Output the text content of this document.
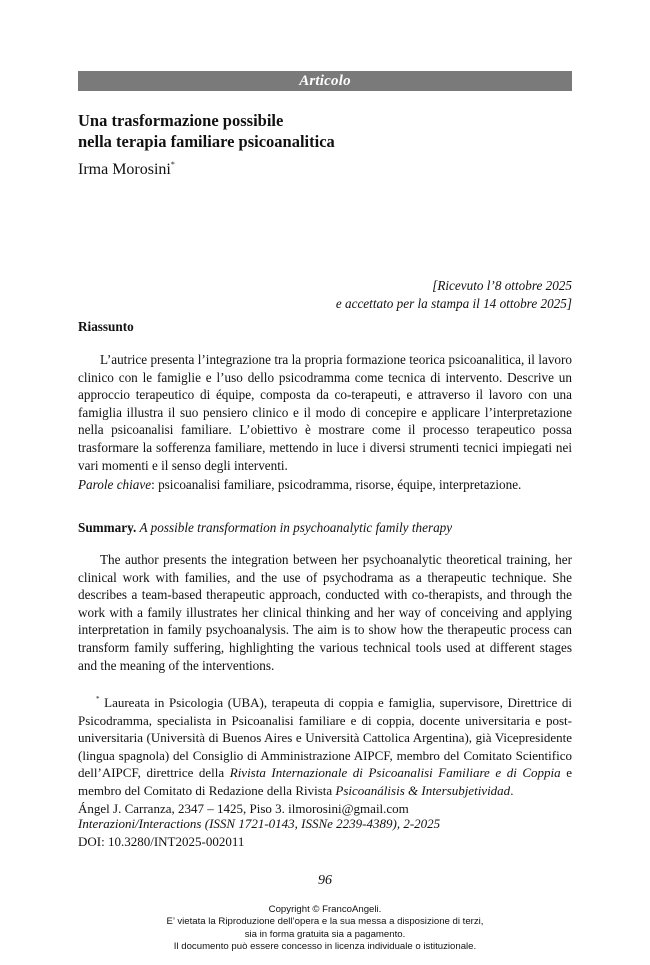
Articolo
Una trasformazione possibile
nella terapia familiare psicoanalitica
Irma Morosini*
[Ricevuto l’8 ottobre 2025
e accettato per la stampa il 14 ottobre 2025]
Riassunto

L’autrice presenta l’integrazione tra la propria formazione teorica psicoanalitica, il lavoro clinico con le famiglie e l’uso dello psicodramma come tecnica di intervento. Descrive un approccio terapeutico di équipe, composta da co-terapeuti, e attraverso il lavoro con una famiglia illustra il suo pensiero clinico e il modo di concepire e applicare l’interpretazione nella psicoanalisi familiare. L’obiettivo è mostrare come il processo terapeutico possa trasformare la sofferenza familiare, mettendo in luce i diversi strumenti tecnici impiegati nei vari momenti e il senso degli interventi.

Parole chiave: psicoanalisi familiare, psicodramma, risorse, équipe, interpretazione.

Summary. A possible transformation in psychoanalytic family therapy

The author presents the integration between her psychoanalytic theoretical training, her clinical work with families, and the use of psychodrama as a therapeutic technique. She describes a team-based therapeutic approach, conducted with co-therapists, and through the work with a family illustrates her clinical thinking and her way of conceiving and applying interpretation in family psychoanalysis. The aim is to show how the therapeutic process can transform family suffering, highlighting the various technical tools used at different stages and the meaning of the interventions.

* Laureata in Psicologia (UBA), terapeuta di coppia e famiglia, supervisore, Direttrice di Psicodramma, specialista in Psicoanalisi familiare e di coppia, docente universitaria e post-universitaria (Università di Buenos Aires e Università Cattolica Argentina), già Vicepresidente (lingua spagnola) del Consiglio di Amministrazione AIPCF, membro del Comitato Scientifico dell’AIPCF, direttrice della Rivista Internazionale di Psicoanalisi Familiare e di Coppia e membro del Comitato di Redazione della Rivista Psicoanálisis & Intersubjetividad.
Ángel J. Carranza, 2347 – 1425, Piso 3. ilmorosini@gmail.com

Interazioni/Interactions (ISSN 1721-0143, ISSNe 2239-4389), 2-2025
DOI: 10.3280/INT2025-002011
96
Copyright © FrancoAngeli.
E’ vietata la Riproduzione dell’opera e la sua messa a disposizione di terzi,
sia in forma gratuita sia a pagamento.
Il documento può essere concesso in licenza individuale o istituzionale.
